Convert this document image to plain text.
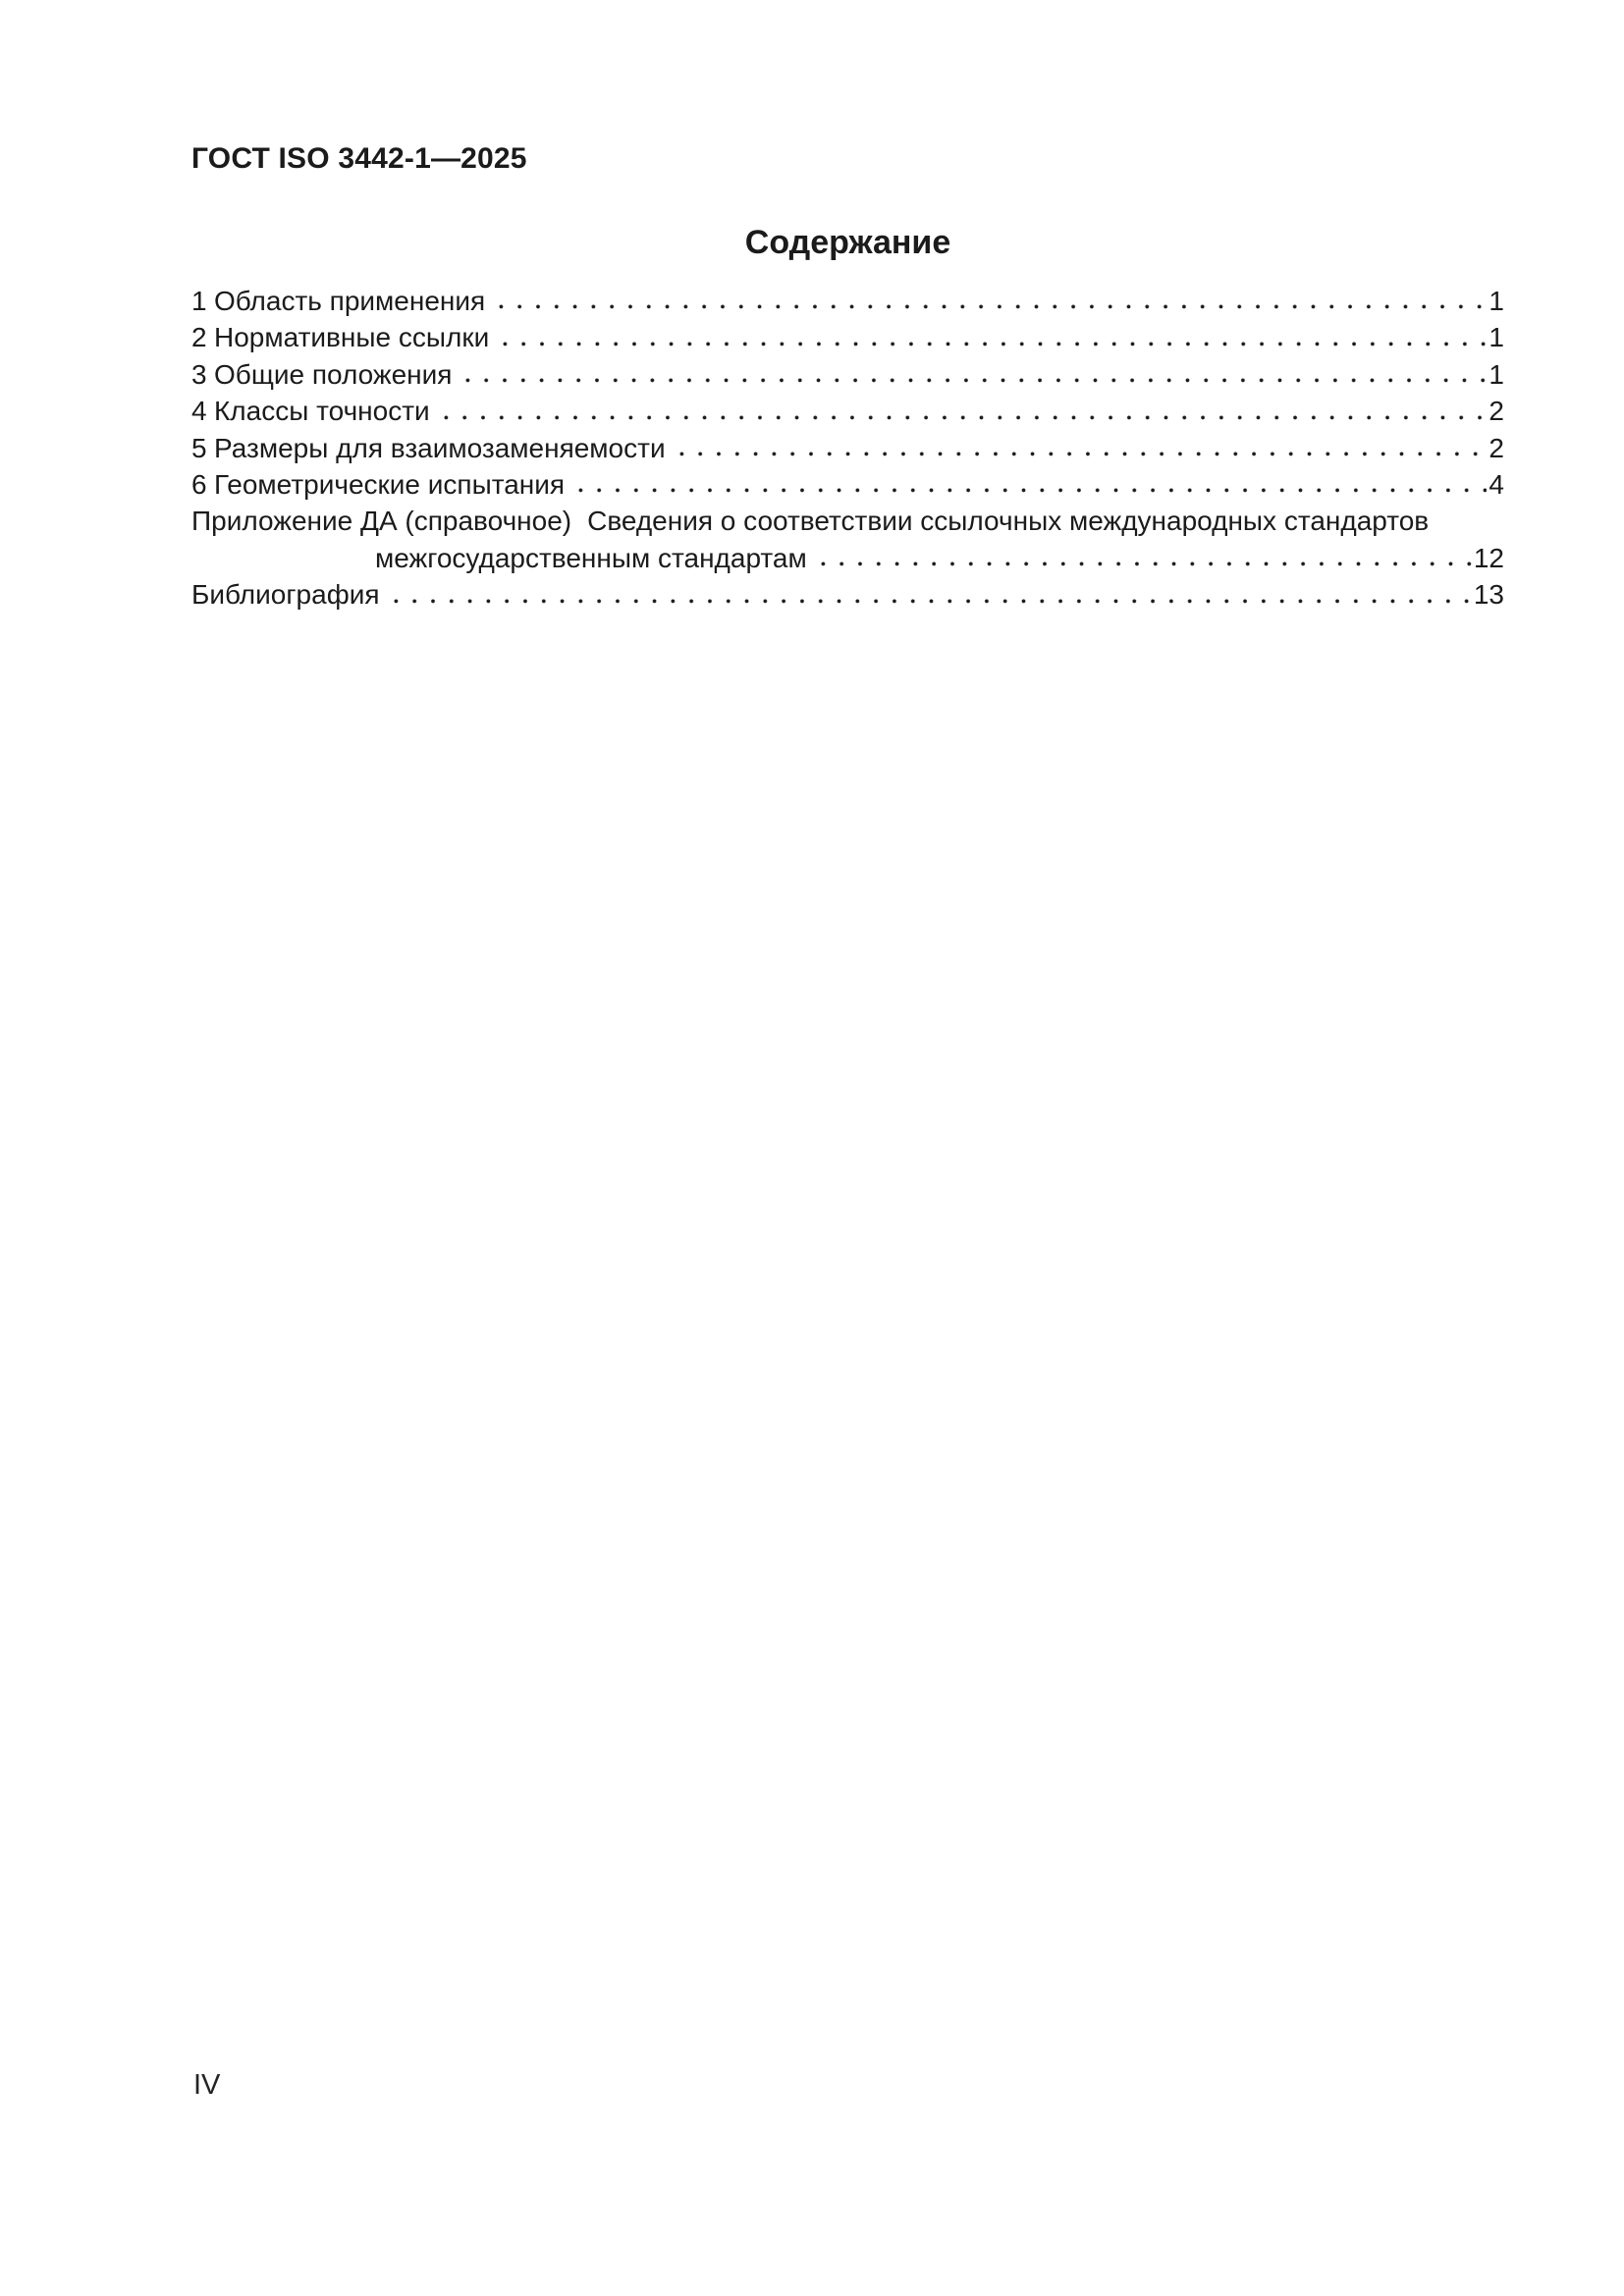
ГОСТ ISO 3442-1—2025
Содержание
1 Область применения	1
2 Нормативные ссылки	1
3 Общие положения	1
4 Классы точности	2
5 Размеры для взаимозаменяемости	2
6 Геометрические испытания	4
Приложение ДА (справочное) Сведения о соответствии ссылочных международных стандартов
межгосударственным стандартам	12
Библиография	13
IV
